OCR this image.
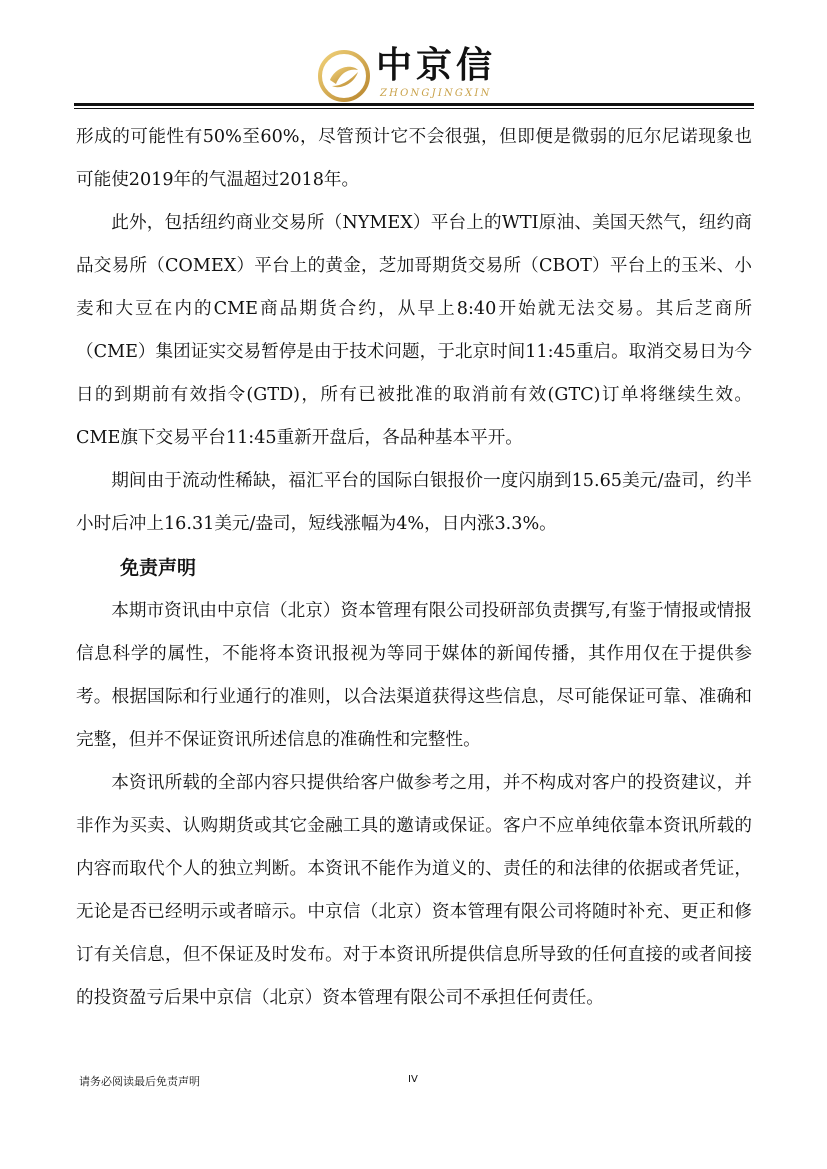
中京信
ZHONGJINGXIN

形成的可能性有50%至60%，尽管预计它不会很强，但即便是微弱的厄尔尼诺现象也可能使2019年的气温超过2018年。

此外，包括纽约商业交易所（NYMEX）平台上的WTI原油、美国天然气，纽约商品交易所（COMEX）平台上的黄金，芝加哥期货交易所（CBOT）平台上的玉米、小麦和大豆在内的CME商品期货合约，从早上8:40开始就无法交易。其后芝商所（CME）集团证实交易暂停是由于技术问题，于北京时间11:45重启。取消交易日为今日的到期前有效指令(GTD)，所有已被批准的取消前有效(GTC)订单将继续生效。CME旗下交易平台11:45重新开盘后，各品种基本平开。

期间由于流动性稀缺，福汇平台的国际白银报价一度闪崩到15.65美元/盎司，约半小时后冲上16.31美元/盎司，短线涨幅为4%，日内涨3.3%。

免责声明

本期市资讯由中京信（北京）资本管理有限公司投研部负责撰写,有鉴于情报或情报信息科学的属性，不能将本资讯报视为等同于媒体的新闻传播，其作用仅在于提供参考。根据国际和行业通行的准则，以合法渠道获得这些信息，尽可能保证可靠、准确和完整，但并不保证资讯所述信息的准确性和完整性。

本资讯所载的全部内容只提供给客户做参考之用，并不构成对客户的投资建议，并非作为买卖、认购期货或其它金融工具的邀请或保证。客户不应单纯依靠本资讯所载的内容而取代个人的独立判断。本资讯不能作为道义的、责任的和法律的依据或者凭证，无论是否已经明示或者暗示。中京信（北京）资本管理有限公司将随时补充、更正和修订有关信息，但不保证及时发布。对于本资讯所提供信息所导致的任何直接的或者间接的投资盈亏后果中京信（北京）资本管理有限公司不承担任何责任。

请务必阅读最后免责声明	IV
